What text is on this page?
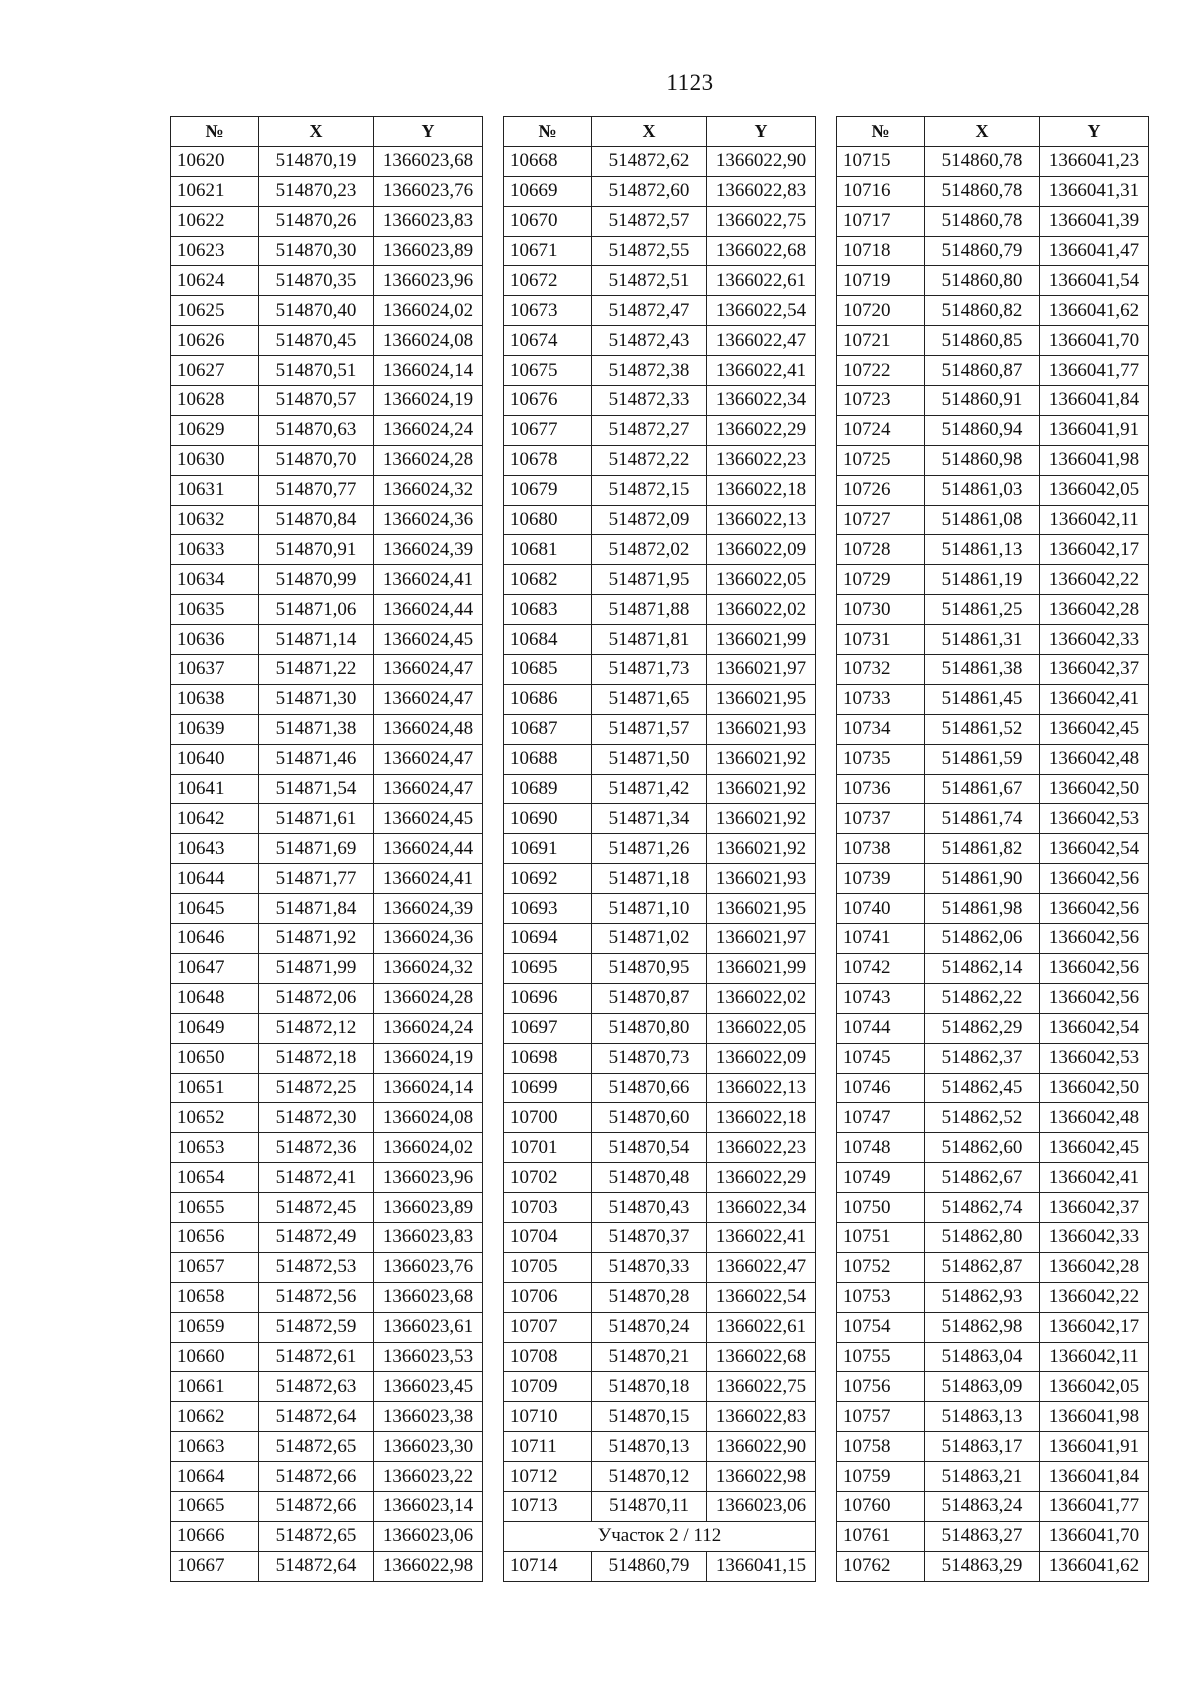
1123
№	X	Y
10620	514870,19	1366023,68
10621	514870,23	1366023,76
10622	514870,26	1366023,83
10623	514870,30	1366023,89
10624	514870,35	1366023,96
10625	514870,40	1366024,02
10626	514870,45	1366024,08
10627	514870,51	1366024,14
10628	514870,57	1366024,19
10629	514870,63	1366024,24
10630	514870,70	1366024,28
10631	514870,77	1366024,32
10632	514870,84	1366024,36
10633	514870,91	1366024,39
10634	514870,99	1366024,41
10635	514871,06	1366024,44
10636	514871,14	1366024,45
10637	514871,22	1366024,47
10638	514871,30	1366024,47
10639	514871,38	1366024,48
10640	514871,46	1366024,47
10641	514871,54	1366024,47
10642	514871,61	1366024,45
10643	514871,69	1366024,44
10644	514871,77	1366024,41
10645	514871,84	1366024,39
10646	514871,92	1366024,36
10647	514871,99	1366024,32
10648	514872,06	1366024,28
10649	514872,12	1366024,24
10650	514872,18	1366024,19
10651	514872,25	1366024,14
10652	514872,30	1366024,08
10653	514872,36	1366024,02
10654	514872,41	1366023,96
10655	514872,45	1366023,89
10656	514872,49	1366023,83
10657	514872,53	1366023,76
10658	514872,56	1366023,68
10659	514872,59	1366023,61
10660	514872,61	1366023,53
10661	514872,63	1366023,45
10662	514872,64	1366023,38
10663	514872,65	1366023,30
10664	514872,66	1366023,22
10665	514872,66	1366023,14
10666	514872,65	1366023,06
10667	514872,64	1366022,98
№	X	Y
10668	514872,62	1366022,90
10669	514872,60	1366022,83
10670	514872,57	1366022,75
10671	514872,55	1366022,68
10672	514872,51	1366022,61
10673	514872,47	1366022,54
10674	514872,43	1366022,47
10675	514872,38	1366022,41
10676	514872,33	1366022,34
10677	514872,27	1366022,29
10678	514872,22	1366022,23
10679	514872,15	1366022,18
10680	514872,09	1366022,13
10681	514872,02	1366022,09
10682	514871,95	1366022,05
10683	514871,88	1366022,02
10684	514871,81	1366021,99
10685	514871,73	1366021,97
10686	514871,65	1366021,95
10687	514871,57	1366021,93
10688	514871,50	1366021,92
10689	514871,42	1366021,92
10690	514871,34	1366021,92
10691	514871,26	1366021,92
10692	514871,18	1366021,93
10693	514871,10	1366021,95
10694	514871,02	1366021,97
10695	514870,95	1366021,99
10696	514870,87	1366022,02
10697	514870,80	1366022,05
10698	514870,73	1366022,09
10699	514870,66	1366022,13
10700	514870,60	1366022,18
10701	514870,54	1366022,23
10702	514870,48	1366022,29
10703	514870,43	1366022,34
10704	514870,37	1366022,41
10705	514870,33	1366022,47
10706	514870,28	1366022,54
10707	514870,24	1366022,61
10708	514870,21	1366022,68
10709	514870,18	1366022,75
10710	514870,15	1366022,83
10711	514870,13	1366022,90
10712	514870,12	1366022,98
10713	514870,11	1366023,06
Участок 2 / 112		
10714	514860,79	1366041,15
№	X	Y
10715	514860,78	1366041,23
10716	514860,78	1366041,31
10717	514860,78	1366041,39
10718	514860,79	1366041,47
10719	514860,80	1366041,54
10720	514860,82	1366041,62
10721	514860,85	1366041,70
10722	514860,87	1366041,77
10723	514860,91	1366041,84
10724	514860,94	1366041,91
10725	514860,98	1366041,98
10726	514861,03	1366042,05
10727	514861,08	1366042,11
10728	514861,13	1366042,17
10729	514861,19	1366042,22
10730	514861,25	1366042,28
10731	514861,31	1366042,33
10732	514861,38	1366042,37
10733	514861,45	1366042,41
10734	514861,52	1366042,45
10735	514861,59	1366042,48
10736	514861,67	1366042,50
10737	514861,74	1366042,53
10738	514861,82	1366042,54
10739	514861,90	1366042,56
10740	514861,98	1366042,56
10741	514862,06	1366042,56
10742	514862,14	1366042,56
10743	514862,22	1366042,56
10744	514862,29	1366042,54
10745	514862,37	1366042,53
10746	514862,45	1366042,50
10747	514862,52	1366042,48
10748	514862,60	1366042,45
10749	514862,67	1366042,41
10750	514862,74	1366042,37
10751	514862,80	1366042,33
10752	514862,87	1366042,28
10753	514862,93	1366042,22
10754	514862,98	1366042,17
10755	514863,04	1366042,11
10756	514863,09	1366042,05
10757	514863,13	1366041,98
10758	514863,17	1366041,91
10759	514863,21	1366041,84
10760	514863,24	1366041,77
10761	514863,27	1366041,70
10762	514863,29	1366041,62
